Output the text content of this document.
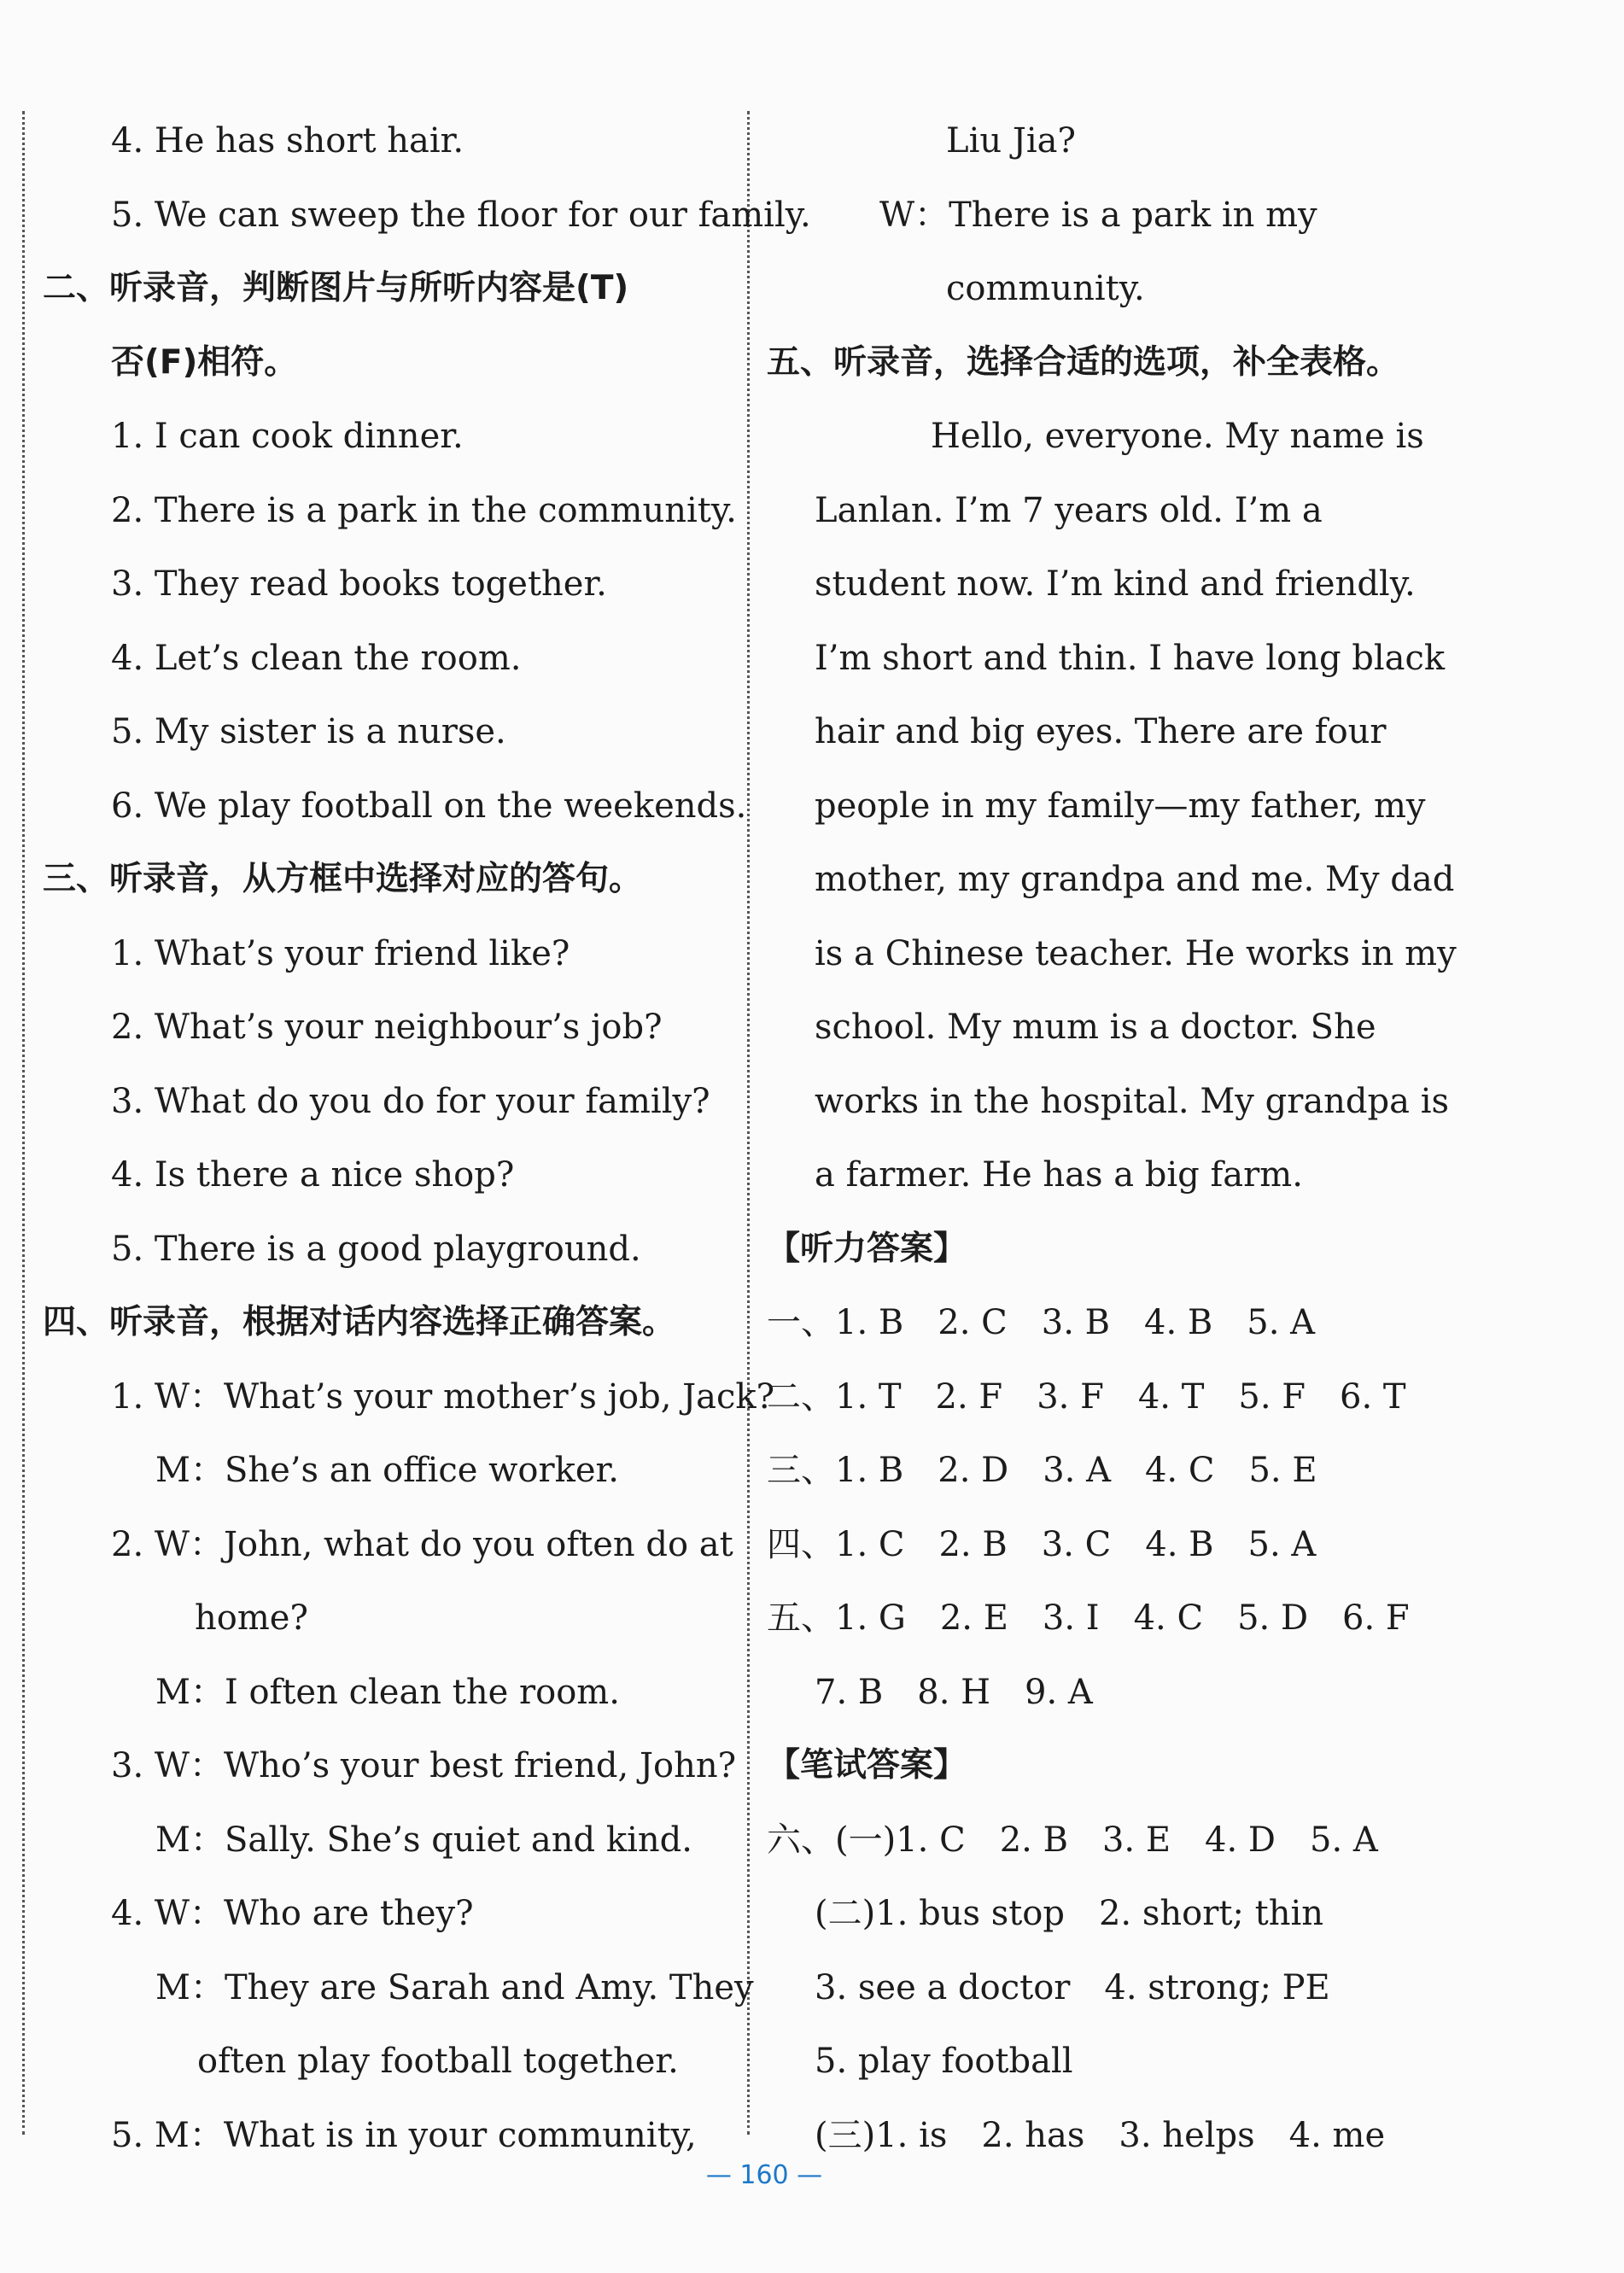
4. He has short hair.
5. We can sweep the floor for our family.
二、听录音，判断图片与所听内容是(T)
否(F)相符。
1. I can cook dinner.
2. There is a park in the community.
3. They read books together.
4. Let’s clean the room.
5. My sister is a nurse.
6. We play football on the weekends.
三、听录音，从方框中选择对应的答句。
1. What’s your friend like?
2. What’s your neighbour’s job?
3. What do you do for your family?
4. Is there a nice shop?
5. There is a good playground.
四、听录音，根据对话内容选择正确答案。
1. W：What’s your mother’s job, Jack?
M：She’s an office worker.
2. W：John, what do you often do at
home?
M：I often clean the room.
3. W：Who’s your best friend, John?
M：Sally. She’s quiet and kind.
4. W：Who are they?
M：They are Sarah and Amy. They
often play football together.
5. M：What is in your community,
Liu Jia?
W：There is a park in my
community.
五、听录音，选择合适的选项，补全表格。
Hello, everyone. My name is
Lanlan. I’m 7 years old. I’m a
student now. I’m kind and friendly.
I’m short and thin. I have long black
hair and big eyes. There are four
people in my family—my father, my
mother, my grandpa and me. My dad
is a Chinese teacher. He works in my
school. My mum is a doctor. She
works in the hospital. My grandpa is
a farmer. He has a big farm.
【听力答案】
一、1. B　2. C　3. B　4. B　5. A
二、1. T　2. F　3. F　4. T　5. F　6. T
三、1. B　2. D　3. A　4. C　5. E
四、1. C　2. B　3. C　4. B　5. A
五、1. G　2. E　3. I　4. C　5. D　6. F
7. B　8. H　9. A
【笔试答案】
六、(一)1. C　2. B　3. E　4. D　5. A
(二)1. bus stop　2. short; thin
3. see a doctor　4. strong; PE
5. play football
(三)1. is　2. has　3. helps　4. me
— 160 —
